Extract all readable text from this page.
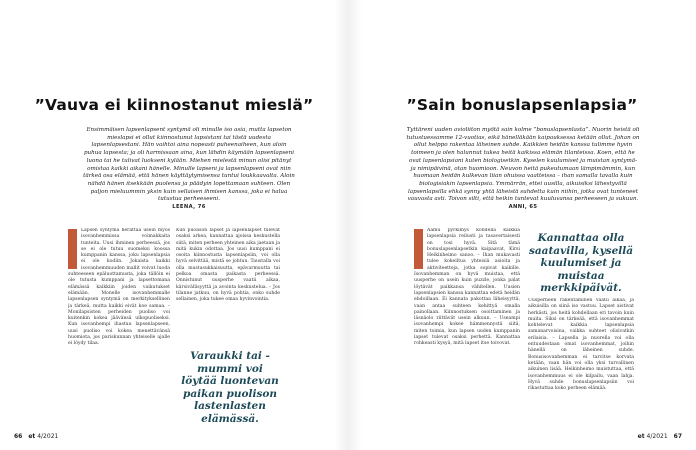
”Vauva ei kiinnostanut mieslä”
Ensimmäisen lapsenlapsent syntymä oli minulle iso asia, mutta lapseton mieslapsi ei ollut kiinnostunut lapsistani tai tästä uudesta lapsenlapsestani. Hän vaihtoi aina nopeasti puheenaiheen, kun aloin puhua lapsesta; ja oli harmissaan aina, kun lähdin käymään lapsenlapseni luona tai he tulivat luokseni kylään. Miehen mielestä minun olisi pitänyt omistaa kaikki aikani hänelle. Minulle lapseni ja lapsenlapseni ovat niin tärkeä osa elämää, että hänen käyttäytymisensa tuntui loukkaavalta. Aloin nähdä hänen itsekkään puolensa ja päädyin lopettamaan suhteen. Olen paljon mieluummin yksin kuin sellaisen ihmisen kanssa, joka ei halua tutustua perheeseeni.
LEENA, 76

Lapsen syntymä herättää usein myös isovanhemmissa voimakkaita tunteita. Uusi ihminen perheessä, jos se ei ole tutuu suomeksi koossa kumppanin kanssa, joku lapsenlapsia ei ole kodiin. Jokaista kaikki isovanhemmuuden mallit voivat luoda suhteeseen epäluottamusta, joka tällöin ei ole tutusta kumppani ja lapsettomana elämässä kaikkiin joiden vaikutukset elämään. Monelle isovanhemmalle lapsenlapsen syntymä on merkityksellinen ja tärkeä, mutta kaikki eivät koe samaa. – Monilapsisten perheiden puoliso voi kuitenkin kokea jäävänsä ulkopuoliseksi. Kun isovanhempi ihastuu lapsenlapseen, uusi puoliso voi kokea menettävänsä huomiota, jos pariskunnan yhteiselle ajalle ei löydy tilaa.

Kun puolison lapset ja lapsenlapset tulevat osaksi arkea, kannattaa ajoissa keskustella siitä, miten perheen yhteinen aika jaetaan ja mitä kukin odottaa. Jos uusi kumppani ei osoita kiinnostusta lapsenlapsiin, voi olla hyvä selvittää, mistä se johtuu. Taustalla voi olla mustasukkaisuutta, epävarmuutta tai pelkoa omasta paikasta perheessä. Onnistunut uusperhe vaatii aikaa, kärsivällisyyttä ja avointa keskustelua. – Jos tilanne jatkuu, on hyvä pohtia, onko suhde sellainen, joka tukee omaa hyvinvointia.

Varaukki tai -mummi voi löytää luontevan paikan puolison lastenlasten elämässä.
66 et 4/2021
”Sain bonuslapsenlapsia”
Tyttäreni uuden avioliiton myötä sain kolme ”bonuslapsenlasta”. Nuorin heistä oli tutustuessamme 12-vuotias, eikä hänelläkään kaipauksessa ketään ollut. Johan on ollut helppo rakentaa läheinen suhde. Kaikkien heidän kanssa tulimme hyvin toimeen ja olen halunnut tukea heitä kaikissa elämän tilanteissa. Koen, että he ovat lapsenlapsiani kuten biologisetkin. Kyselen kuulumiset ja muistan syntymä- ja nimipäivinä, otan huomioon. Neuvon heitä pukeutumaan lämpimämmin, kun huomaan heidän kulkevan liian ohuissa vaatteissa – ihan samalla tavalla kuin biologisiakin lapsenlapsia. Ymmärrän, ettei uusilla, aikuisiksi lähestyvillä lapsenlapsilla ehkä synny yhtä läheistä suhdetta kuin niihin, jotka ovat tunteneet vauvasta asti. Toivon silti, että heikin tuntevat kuuluvansa perheeseen ja sukuun.
ANNI, 65

Aamu pyrkimys kohdella kaikkia lapsenlapsia reilusti ja tasavertaisesti on tosi hyvä. Sitä tämä bonuslapsenlapsetkin kaipaavat, Kirsi Heikinheimo sanoo. – Ihan mukavasti tulee kokeiltua yhteisiä asioita ja aktiviteetteja, jotka sopivat kaikille. Isovanhemman on hyvä muistaa, että uusperhe on usein kuin puzzle, jonka palat löytävät paikkansa vähitellen. Uusien lapsenlapsien kanssa kannattaa edetä heidän ehdoillaan. Ei kannata pakottaa läheisyyttä, vaan antaa suhteen kehittyä omalla painollaan. Kiinnostuksen osoittaminen ja läsnäolo riittävät usein alkuun. – Useampi isovanhempi kokee hämmennystä siitä, miten toimia, kun lapsen uuden kumppanin lapset tulevat osaksi perhettä. Kannattaa rohkeasti kysyä, mitä lapset itse toivovat.

Kannattaa olla saatavilla, kysellä kuulumiset ja muistaa merkkipäivät.

Uusperheen rakentaminen vaatii aikaa, ja aikuisilla on siinä iso vastuu. Lapset aistivat herkästi, jos heitä kohdellaan eri tavoin kuin muita. Siksi on tärkeää, että isovanhemmat kohtelevat kaikkia lapsenlapsia samanarvoisina, vaikka suhteet olisivatkin erilaisia. – Lapsella ja nuorella voi olla entuudestaan omat isovanhemmat, joihin hänellä on läheinen suhde. Bonusisovanhemman ei tarvitse korvata ketään, vaan hän voi olla yksi turvallinen aikuinen lisää. Heikinheimo muistuttaa, että isovanhemmuus ei ole kilpailu, vaan lahja. Hyvä suhde bonuslapsenlapsiin voi rikastuttaa koko perheen elämää.

et 4/2021 67
